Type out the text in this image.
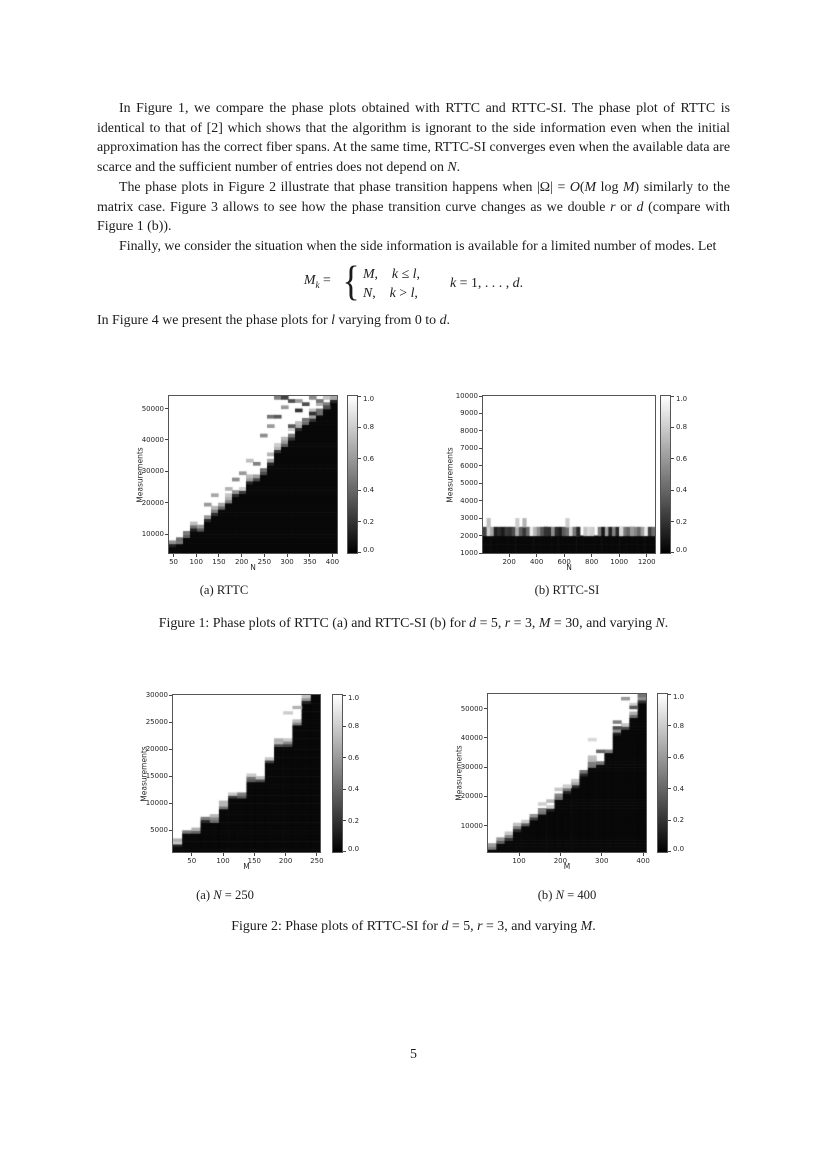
In Figure 1, we compare the phase plots obtained with RTTC and RTTC-SI. The phase plot of RTTC is identical to that of [2] which shows that the algorithm is ignorant to the side information even when the initial approximation has the correct fiber spans. At the same time, RTTC-SI converges even when the available data are scarce and the sufficient number of entries does not depend on N.

The phase plots in Figure 2 illustrate that phase transition happens when |Ω| = O(M log M) similarly to the matrix case. Figure 3 allows to see how the phase transition curve changes as we double r or d (compare with Figure 1 (b)).

Finally, we consider the situation when the side information is available for a limited number of modes. Let

$M_k$ = { M, k ≤ l,
N, k > l,
k = 1, . . . , d.

In Figure 4 we present the phase plots for l varying from 0 to d.

Measurements
N
50 100 150 200 250 300 350 400
10000
20000
30000
40000
50000
0.0
0.2
0.4
0.6
0.8
1.0
Measurements
N
200 400 600 800 1000 1200
1000
2000
3000
4000
5000
6000
7000
8000
9000
10000
0.0
0.2
0.4
0.6
0.8
1.0
(a) RTTC	(b) RTTC-SI
Figure 1: Phase plots of RTTC (a) and RTTC-SI (b) for d = 5, r = 3, M = 30, and varying N.
Measurements
M
50	100	150	200	250
5000
10000
15000
20000
25000
30000
0.0
0.2
0.4
0.6
0.8
1.0
Measurements
M
100	200	300	400
10000
20000
30000
40000
50000
0.0
0.2
0.4
0.6
0.8
1.0
(a) N = 250	(b) N = 400
Figure 2: Phase plots of RTTC-SI for d = 5, r = 3, and varying M.
5
